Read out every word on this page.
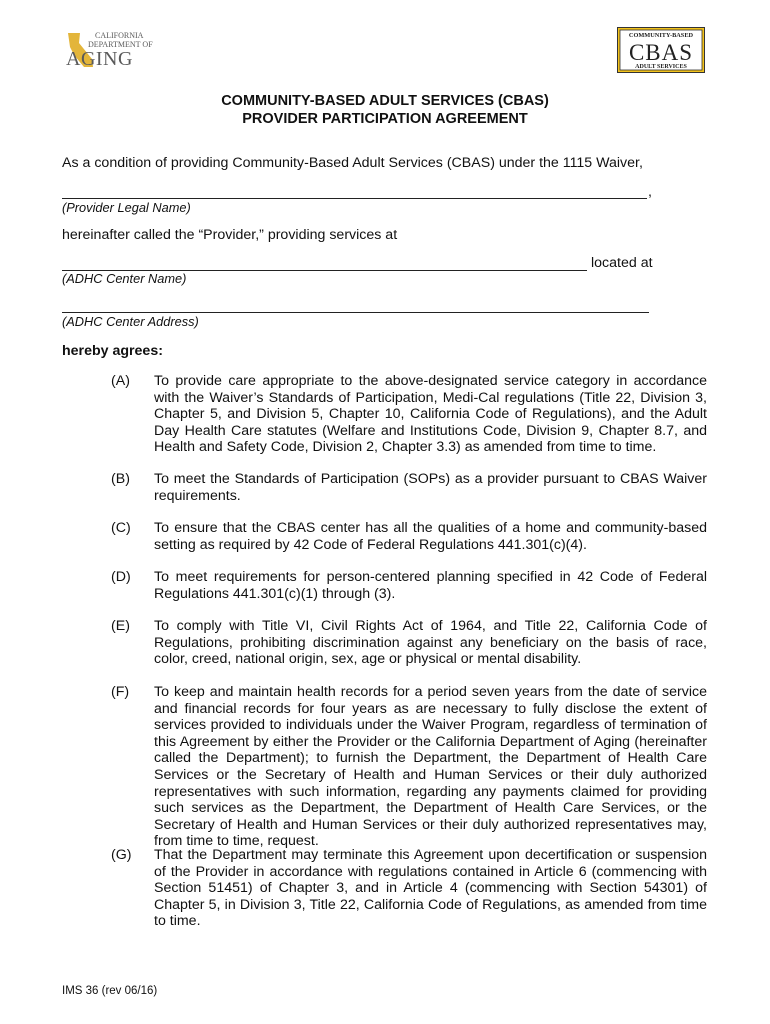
CALIFORNIA
DEPARTMENT OF
AGING
COMMUNITY-BASED
CBAS
ADULT SERVICES
COMMUNITY-BASED ADULT SERVICES (CBAS)
PROVIDER PARTICIPATION AGREEMENT
As a condition of providing Community-Based Adult Services (CBAS) under the 1115 Waiver,
,
(Provider Legal Name)
hereinafter called the “Provider,” providing services at
located at
(ADHC Center Name)
(ADHC Center Address)
hereby agrees:
(A) To provide care appropriate to the above-designated service category in accordance with the Waiver’s Standards of Participation, Medi-Cal regulations (Title 22, Division 3, Chapter 5, and Division 5, Chapter 10, California Code of Regulations), and the Adult Day Health Care statutes (Welfare and Institutions Code, Division 9, Chapter 8.7, and Health and Safety Code, Division 2, Chapter 3.3) as amended from time to time.
(B) To meet the Standards of Participation (SOPs) as a provider pursuant to CBAS Waiver requirements.
(C) To ensure that the CBAS center has all the qualities of a home and community-based setting as required by 42 Code of Federal Regulations 441.301(c)(4).
(D) To meet requirements for person-centered planning specified in 42 Code of Federal Regulations 441.301(c)(1) through (3).
(E) To comply with Title VI, Civil Rights Act of 1964, and Title 22, California Code of Regulations, prohibiting discrimination against any beneficiary on the basis of race, color, creed, national origin, sex, age or physical or mental disability.
(F) To keep and maintain health records for a period seven years from the date of service and financial records for four years as are necessary to fully disclose the extent of services provided to individuals under the Waiver Program, regardless of termination of this Agreement by either the Provider or the California Department of Aging (hereinafter called the Department); to furnish the Department, the Department of Health Care Services or the Secretary of Health and Human Services or their duly authorized representatives with such information, regarding any payments claimed for providing such services as the Department, the Department of Health Care Services, or the Secretary of Health and Human Services or their duly authorized representatives may, from time to time, request.
(G) That the Department may terminate this Agreement upon decertification or suspension of the Provider in accordance with regulations contained in Article 6 (commencing with Section 51451) of Chapter 3, and in Article 4 (commencing with Section 54301) of Chapter 5, in Division 3, Title 22, California Code of Regulations, as amended from time to time.
IMS 36 (rev 06/16)
